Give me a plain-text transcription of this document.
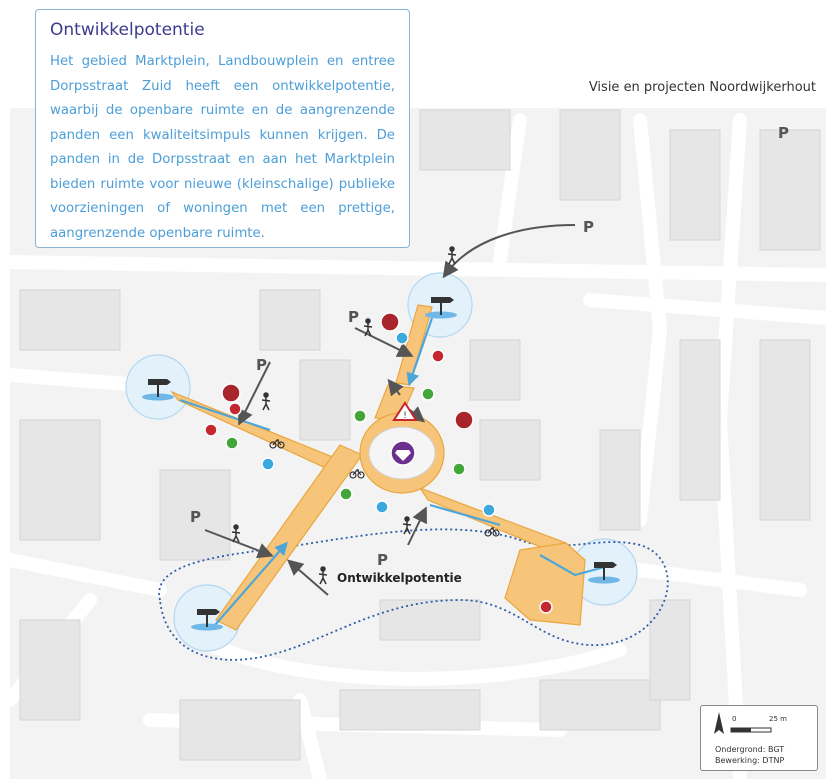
P
P
P
P
P
P
!
Ontwikkelpotentie
Ontwikkelpotentie

Het gebied Marktplein, Landbouwplein en entree Dorpsstraat Zuid heeft een ontwikkelpotentie, waarbij de openbare ruimte en de aangrenzende panden een kwaliteitsimpuls kunnen krijgen. De panden in de Dorpsstraat en aan het Marktplein bieden ruimte voor nieuwe (kleinschalige) publieke voorzieningen of woningen met een prettige, aangrenzende openbare ruimte.

Visie en projecten Noordwijkerhout
0	25 m
Ondergrond: BGT
Bewerking: DTNP
